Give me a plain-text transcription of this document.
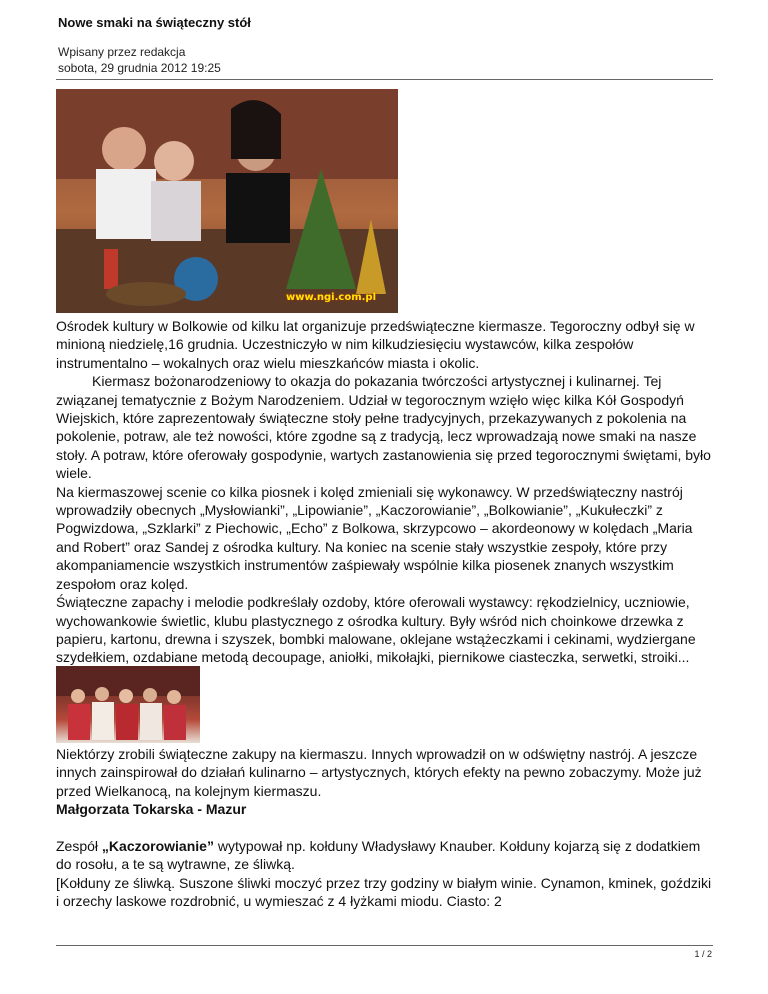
Nowe smaki na świąteczny stół
Wpisany przez redakcja
sobota, 29 grudnia 2012 19:25
www.ngi.com.pl

Ośrodek kultury w Bolkowie od kilku lat organizuje przedświąteczne kiermasze. Tegoroczny odbył się w minioną niedzielę,16 grudnia. Uczestniczyło w nim kilkudziesięciu wystawców, kilka zespołów instrumentalno – wokalnych oraz wielu mieszkańców miasta i okolic.

Kiermasz bożonarodzeniowy to okazja do pokazania twórczości artystycznej i kulinarnej. Tej związanej tematycznie z Bożym Narodzeniem. Udział w tegorocznym wzięło więc kilka Kół Gospodyń Wiejskich, które zaprezentowały świąteczne stoły pełne tradycyjnych, przekazywanych z pokolenia na pokolenie, potraw, ale też nowości, które zgodne są z tradycją, lecz wprowadzają nowe smaki na nasze stoły. A potraw, które oferowały gospodynie, wartych zastanowienia się przed tegorocznymi świętami, było wiele.

Na kiermaszowej scenie co kilka piosnek i kolęd zmieniali się wykonawcy. W przedświąteczny nastrój wprowadziły obecnych „Mysłowianki”, „Lipowianie”, „Kaczorowianie”, „Bolkowianie”, „Kukułeczki” z Pogwizdowa, „Szklarki” z Piechowic, „Echo” z Bolkowa, skrzypcowo – akordeonowy w kolędach „Maria and Robert” oraz Sandej z ośrodka kultury. Na koniec na scenie stały wszystkie zespoły, które przy akompaniamencie wszystkich instrumentów zaśpiewały wspólnie kilka piosenek znanych wszystkim zespołom oraz kolęd.

Świąteczne zapachy i melodie podkreślały ozdoby, które oferowali wystawcy: rękodzielnicy, uczniowie, wychowankowie świetlic, klubu plastycznego z ośrodka kultury. Były wśród nich choinkowe drzewka z papieru, kartonu, drewna i szyszek, bombki malowane, oklejane wstążeczkami i cekinami, wydziergane szydełkiem, ozdabiane metodą decoupage, aniołki, mikołajki, piernikowe ciasteczka, serwetki, stroiki...

Niektórzy zrobili świąteczne zakupy na kiermaszu. Innych wprowadził on w odświętny nastrój. A jeszcze innych zainspirował do działań kulinarno – artystycznych, których efekty na pewno zobaczymy. Może już przed Wielkanocą, na kolejnym kiermaszu.

Małgorzata Tokarska - Mazur

Zespół „Kaczorowianie” wytypował np. kołduny Władysławy Knauber. Kołduny kojarzą się z dodatkiem do rosołu, a te są wytrawne, ze śliwką.

[Kołduny ze śliwką. Suszone śliwki moczyć przez trzy godziny w białym winie. Cynamon, kminek, goździki i orzechy laskowe rozdrobnić, u wymieszać z 4 łyżkami miodu. Ciasto: 2

1 / 2
